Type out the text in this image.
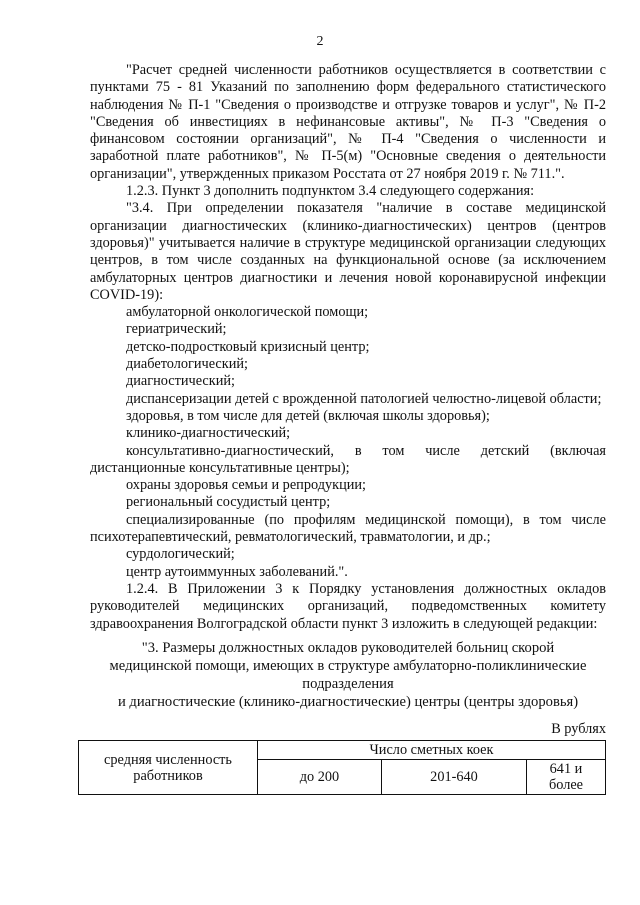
2

"Расчет средней численности работников осуществляется в соответствии с пунктами 75 - 81 Указаний по заполнению форм федерального статистического наблюдения № П-1 "Сведения о производстве и отгрузке товаров и услуг", № П-2 "Сведения об инвестициях в нефинансовые активы", № П-3 "Сведения о финансовом состоянии организаций", № П-4 "Сведения о численности и заработной плате работников", № П-5(м) "Основные сведения о деятельности организации", утвержденных приказом Росстата от 27 ноября 2019 г. № 711.".

1.2.3. Пункт 3 дополнить подпунктом 3.4 следующего содержания:

"3.4. При определении показателя "наличие в составе медицинской организации диагностических (клинико-диагностических) центров (центров здоровья)" учитывается наличие в структуре медицинской организации следующих центров, в том числе созданных на функциональной основе (за исключением амбулаторных центров диагностики и лечения новой коронавирусной инфекции COVID-19):

амбулаторной онкологической помощи;

гериатрический;

детско-подростковый кризисный центр;

диабетологический;

диагностический;

диспансеризации детей с врожденной патологией челюстно-лицевой области;

здоровья, в том числе для детей (включая школы здоровья);

клинико-диагностический;

консультативно-диагностический, в том числе детский (включая дистанционные консультативные центры);

охраны здоровья семьи и репродукции;

региональный сосудистый центр;

специализированные (по профилям медицинской помощи), в том числе психотерапевтический, ревматологический, травматологии, и др.;

сурдологический;

центр аутоиммунных заболеваний.".

1.2.4. В Приложении 3 к Порядку установления должностных окладов руководителей медицинских организаций, подведомственных комитету здравоохранения Волгоградской области пункт 3 изложить в следующей редакции:

"3. Размеры должностных окладов руководителей больниц скорой
медицинской помощи, имеющих в структуре амбулаторно-поликлинические
подразделения
и диагностические (клинико-диагностические) центры (центры здоровья)

В рублях

средняя численность работников	Число сметных коек		
	до 200	201-640	641 и более
